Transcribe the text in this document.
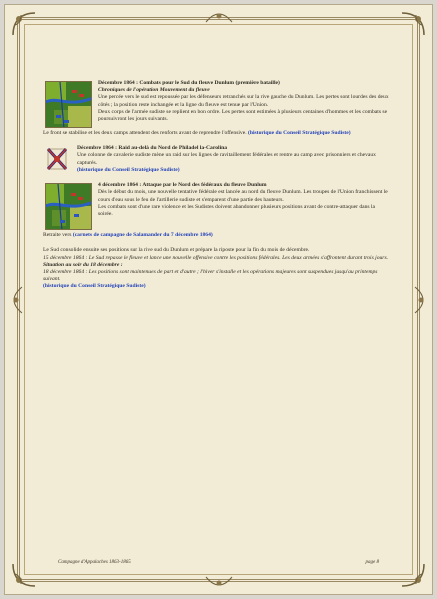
Décembre 1864 : Combats pour le Sud du fleuve Dunlum (première bataille)

Chroniques de l'opération Mouvement du fleuve

Une percée vers le sud est repoussée par les défenseurs retranchés sur la rive gauche du Dunlum. Les pertes sont lourdes des deux côtés ; la position reste inchangée et la ligne du fleuve est tenue par l'Union.

Deux corps de l'armée sudiste se replient en bon ordre. Les pertes sont estimées à plusieurs centaines d'hommes et les combats se poursuivront les jours suivants.

Le front se stabilise et les deux camps attendent des renforts avant de reprendre l'offensive. (historique du Conseil Stratégique Sudiste)

Décembre 1864 : Raid au-delà du Nord de Philadel la-Carolina

Une colonne de cavalerie sudiste mène un raid sur les lignes de ravitaillement fédérales et rentre au camp avec prisonniers et chevaux capturés.

(historique du Conseil Stratégique Sudiste)

4 décembre 1864 : Attaque par le Nord des fédéraux du fleuve Dunlum

Dès le début du mois, une nouvelle tentative fédérale est lancée au nord du fleuve Dunlum. Les troupes de l'Union franchissent le cours d'eau sous le feu de l'artillerie sudiste et s'emparent d'une partie des hauteurs.

Les combats sont d'une rare violence et les Sudistes doivent abandonner plusieurs positions avant de contre-attaquer dans la soirée.

Retraite vers (carnets de campagne de Salamander du 7 décembre 1864)

Le Sud consolide ensuite ses positions sur la rive sud du Dunlum et prépare la riposte pour la fin du mois de décembre.

15 décembre 1864 : Le Sud repasse le fleuve et lance une nouvelle offensive contre les positions fédérales. Les deux armées s'affrontent durant trois jours.

Situation au soir du 18 décembre :

18 décembre 1864 : Les positions sont maintenues de part et d'autre ; l'hiver s'installe et les opérations majeures sont suspendues jusqu'au printemps suivant.

(historique du Conseil Stratégique Sudiste)

Campagne d'Appalaches 1863-1865	page 8
